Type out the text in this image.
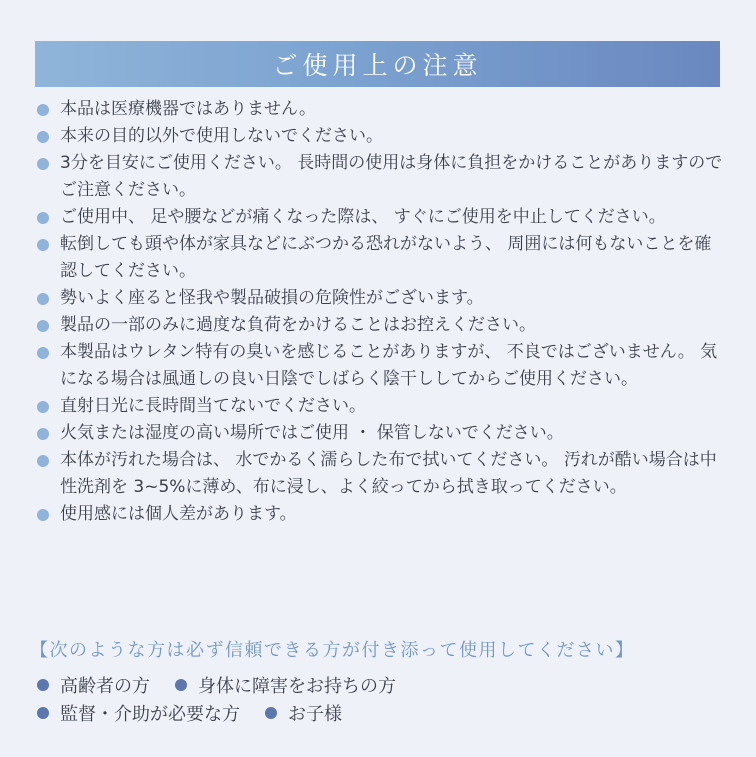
ご使用上の注意
本品は医療機器ではありません。
本来の目的以外で使用しないでください。
3分を目安にご使用ください。 長時間の使用は身体に負担をかけることがありますのでご注意ください。
ご使用中、 足や腰などが痛くなった際は、 すぐにご使用を中止してください。
転倒しても頭や体が家具などにぶつかる恐れがないよう、 周囲には何もないことを確認してください。
勢いよく座ると怪我や製品破損の危険性がございます。
製品の一部のみに過度な負荷をかけることはお控えください。
本製品はウレタン特有の臭いを感じることがありますが、 不良ではございません。 気になる場合は風通しの良い日陰でしばらく陰干ししてからご使用ください。
直射日光に長時間当てないでください。
火気または湿度の高い場所ではご使用 ・ 保管しないでください。
本体が汚れた場合は、 水でかるく濡らした布で拭いてください。 汚れが酷い場合は中性洗剤を 3~5%に薄め、布に浸し、よく絞ってから拭き取ってください。
使用感には個人差があります。
【次のような方は必ず信頼できる方が付き添って使用してください】
高齢者の方	身体に障害をお持ちの方
監督・介助が必要な方	お子様
